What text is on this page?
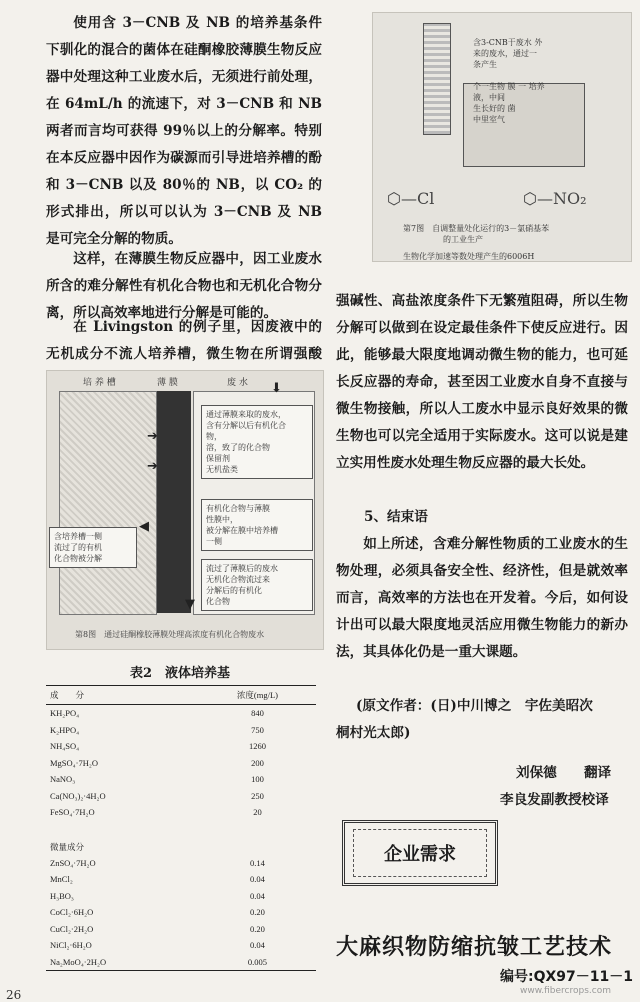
使用含 3－CNB 及 NB 的培养基条件下驯化的混合的菌体在硅酮橡胶薄膜生物反应器中处理这种工业废水后，无须进行前处理，在 64mL/h 的流速下，对 3－CNB 和 NB 两者而言均可获得 99％以上的分解率。特别在本反应器中因作为碳源而引导进培养槽的酚和 3－CNB 以及 80％的 NB，以 CO₂ 的形式排出，所以可以认为 3－CNB 及 NB 是可完全分解的物质。
这样，在薄膜生物反应器中，因工业废水所含的难分解性有机化合物也和无机化合物分离，所以高效率地进行分解是可能的。
在 Livingston 的例子里，因废液中的无机成分不流人培养槽，微生物在所谓强酸
含3-CNB于废水 外
来的废水，通过一
条产生

个一生物 膜 一 培养
液，中间
生长好的 菌
中里室气

⬡—Cl	⬡—NO₂
第7图　自调整量处化运行的3－氯硝基苯
的工业生产
生物化学加速等数处理产生的6006H
强碱性、高盐浓度条件下无繁殖阻碍，所以生物分解可以做到在设定最佳条件下使反应进行。因此，能够最大限度地调动微生物的能力，也可延长反应器的寿命，甚至因工业废水自身不直接与微生物接触，所以人工废水中显示良好效果的微生物也可以完全适用于实际废水。这可以说是建立实用性废水处理生物反应器的最大长处。
5、结束语
如上所述，含难分解性物质的工业废水的生物处理，必须具备安全性、经济性，但是就效率而言，高效率的方法也在开发着。今后，如何设计出可以最大限度地灵活应用微生物能力的新办法，其具体化仍是一重大课题。
(原文作者：(日)中川博之　宇佐美昭次
桐村光太郎)
刘保德　　翻译
李良发副教授校译
培 养 槽	薄 膜	废 水
通过薄膜来取的废水，
含有分解以后有机化合
物，
溶，致了的化合物
保留剂
无机盐类

有机化合物与薄膜
性膜中，
被分解在膜中培养槽
一侧

含培养槽一侧
流过了的有机
化合物被分解

流过了薄膜后的废水
无机化合物流过来
分解后的有机化
化合物

➔
➔
◀
▼
⬇
第8图　通过硅酮橡胶薄膜处理高浓度有机化合物废水
表2　液体培养基
成　　分	浓度(mg/L)
KH₂PO₄	840
K₂HPO₄	750
NH₄SO₄	1260
MgSO₄·7H₂O	200
NaNO₃	100
Ca(NO₃)₂·4H₂O	250
FeSO₄·7H₂O	20
微量成分	
ZnSO₄·7H₂O	0.14
MnCl₂	0.04
H₃BO₃	0.04
CoCl₂·6H₂O	0.20
CuCl₂·2H₂O	0.20
NiCl₂·6H₂O	0.04
Na₂MoO₄·2H₂O	0.005
企业需求
大麻织物防缩抗皱工艺技术
编号:QX97－11－1
www.fibercrops.com
26
